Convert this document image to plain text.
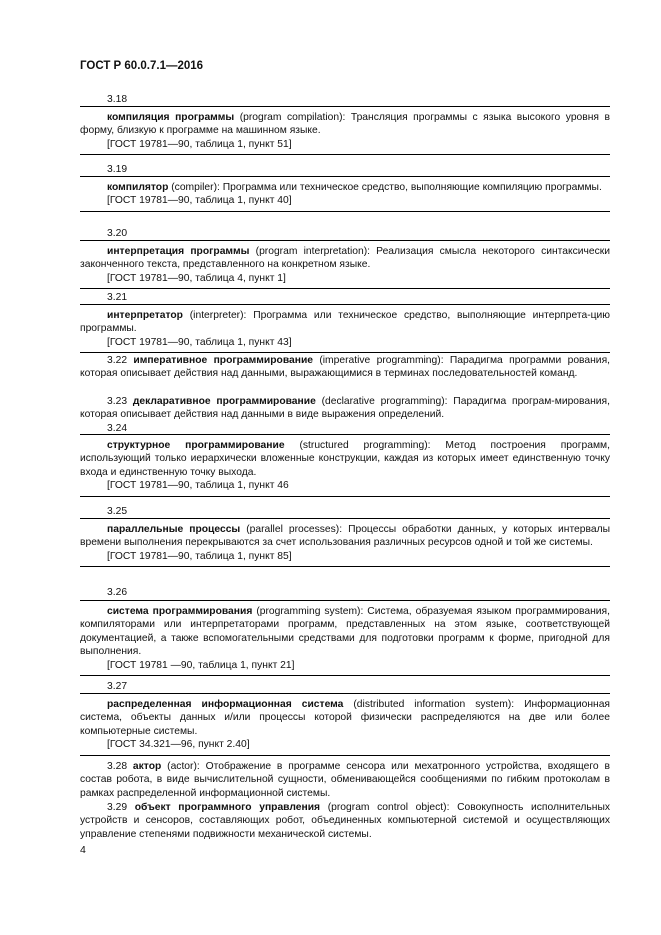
ГОСТ Р 60.0.7.1—2016
3.18

компиляция программы (program compilation): Трансляция программы с языка высокого уровня в форму, близкую к программе на машинном языке.

[ГОСТ 19781—90, таблица 1, пункт 51]

3.19

компилятор (compiler): Программа или техническое средство, выполняющие компиляцию программы.

[ГОСТ 19781—90, таблица 1, пункт 40]

3.20

интерпретация программы (program interpretation): Реализация смысла некоторого синтаксически законченного текста, представленного на конкретном языке.

[ГОСТ 19781—90, таблица 4, пункт 1]

3.21

интерпретатор (interpreter): Программа или техническое средство, выполняющие интерпрета-цию программы.

[ГОСТ 19781—90, таблица 1, пункт 43]

3.22 императивное программирование (imperative programming): Парадигма программи рования, которая описывает действия над данными, выражающимися в терминах последовательностей команд.

3.23 декларативное программирование (declarative programming): Парадигма програм-мирования, которая описывает действия над данными в виде выражения определений.

3.24

структурное программирование (structured programming): Метод построения программ, использующий только иерархически вложенные конструкции, каждая из которых имеет единственную точку входа и единственную точку выхода.

[ГОСТ 19781—90, таблица 1, пункт 46

3.25

параллельные процессы (parallel processes): Процессы обработки данных, у которых интервалы времени выполнения перекрываются за счет использования различных ресурсов одной и той же системы.

[ГОСТ 19781—90, таблица 1, пункт 85]

3.26

система программирования (programming system): Система, образуемая языком программирования, компиляторами или интерпретаторами программ, представленных на этом языке, соответствующей документацией, а также вспомогательными средствами для подготовки программ к форме, пригодной для выполнения.

[ГОСТ 19781 —90, таблица 1, пункт 21]

3.27

распределенная информационная система (distributed information system): Информационная система, объекты данных и/или процессы которой физически распределяются на две или более компьютерные системы.

[ГОСТ 34.321—96, пункт 2.40]

3.28 актор (actor): Отображение в программе сенсора или мехатронного устройства, входящего в состав робота, в виде вычислительной сущности, обменивающейся сообщениями по гибким протоколам в рамках распределенной информационной системы.

3.29 объект программного управления (program control object): Совокупность исполнительных устройств и сенсоров, составляющих робот, объединенных компьютерной системой и осуществляющих управление степенями подвижности механической системы.

4
